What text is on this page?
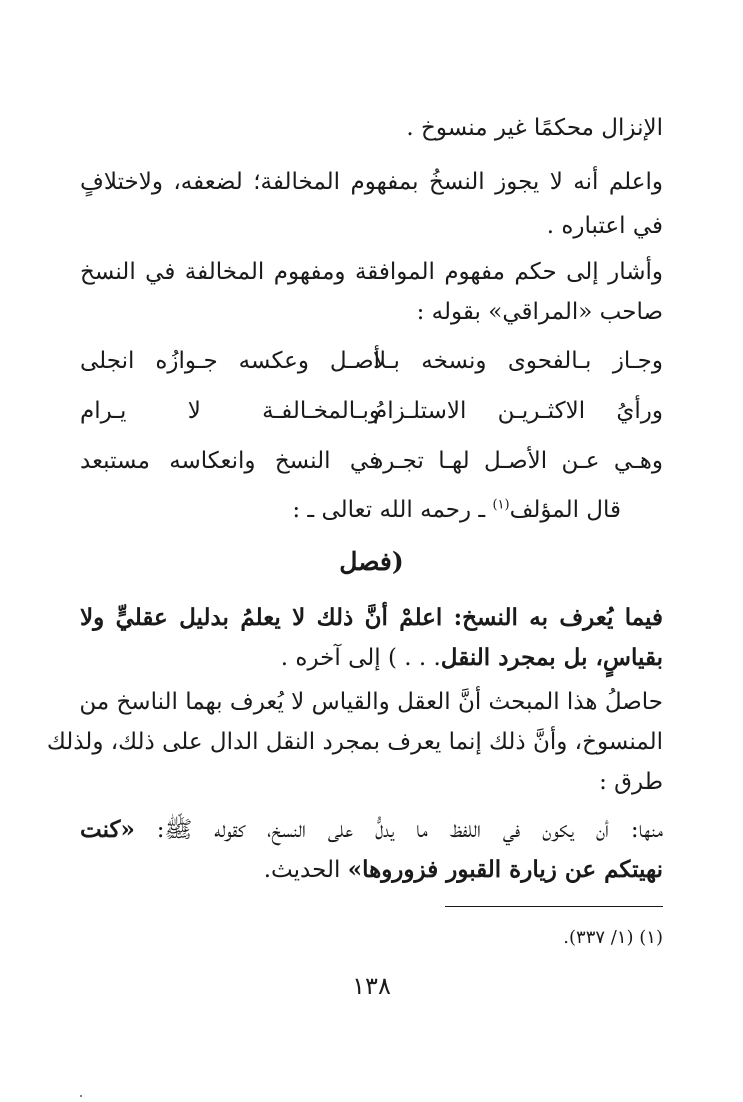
الإنزال محكمًا غير منسوخ .
واعلم أنه لا يجوز النسخُ بمفهوم المخالفة؛ لضعفه، ولاختلافٍ
في اعتباره .
وأشار إلى حكم مفهوم الموافقة ومفهوم المخالفة في النسخ
صاحب «المراقي» بقوله :
وجـاز بـالفحوى ونسخه بـلا
أصـل وعكسه جـوازُه انجلى
ورأيُ الاكثـريـن الاستلـزامُ
وبـالمخـالفـة لا يـرام
وهـي عـن الأصـل لهـا تجـرد
في النسخ وانعكاسه مستبعد
قال المؤلف$^{(١)}$ ـ رحمه الله تعالى ـ :
(فصل
فيما يُعرف به النسخ: اعلمْ أنَّ ذلك لا يعلمُ بدليل عقليٍّ ولا
بقياسٍ، بل بمجرد النقل. . . ) إلى آخره .
حاصلُ هذا المبحث أنَّ العقل والقياس لا يُعرف بهما الناسخ من
المنسوخ، وأنَّ ذلك إنما يعرف بمجرد النقل الدال على ذلك، ولذلك
طرق :
منها: أن يكون في اللفظ ما يدلُّ على النسخ، كقوله ﷺ: «كنت
نهيتكم عن زيارة القبور فزوروها» الحديث.
(١) (١/ ٣٣٧).
١٣٨
